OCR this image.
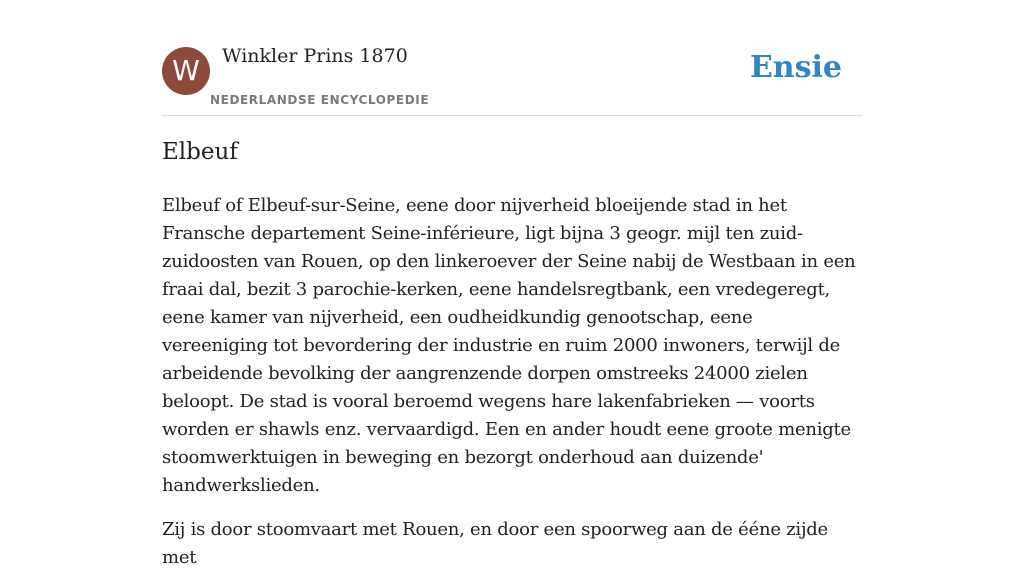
W	Winkler Prins 1870
NEDERLANDSE ENCYCLOPEDIE
Ensie
Elbeuf

Elbeuf of Elbeuf-sur-Seine, eene door nijverheid bloeijende stad in het Fransche departement Seine-inférieure, ligt bijna 3 geogr. mijl ten zuid-zuidoosten van Rouen, op den linkeroever der Seine nabij de Westbaan in een fraai dal, bezit 3 parochie-kerken, eene handelsregtbank, een vredegeregt, eene kamer van nijverheid, een oudheidkundig genootschap, eene vereeniging tot bevordering der industrie en ruim 2000 inwoners, terwijl de arbeidende bevolking der aangrenzende dorpen omstreeks 24000 zielen beloopt. De stad is vooral beroemd wegens hare lakenfabrieken — voorts worden er shawls enz. vervaardigd. Een en ander houdt eene groote menigte stoomwerktuigen in beweging en bezorgt onderhoud aan duizende' handwerkslieden.

Zij is door stoomvaart met Rouen, en door een spoorweg aan de ééne zijde met
